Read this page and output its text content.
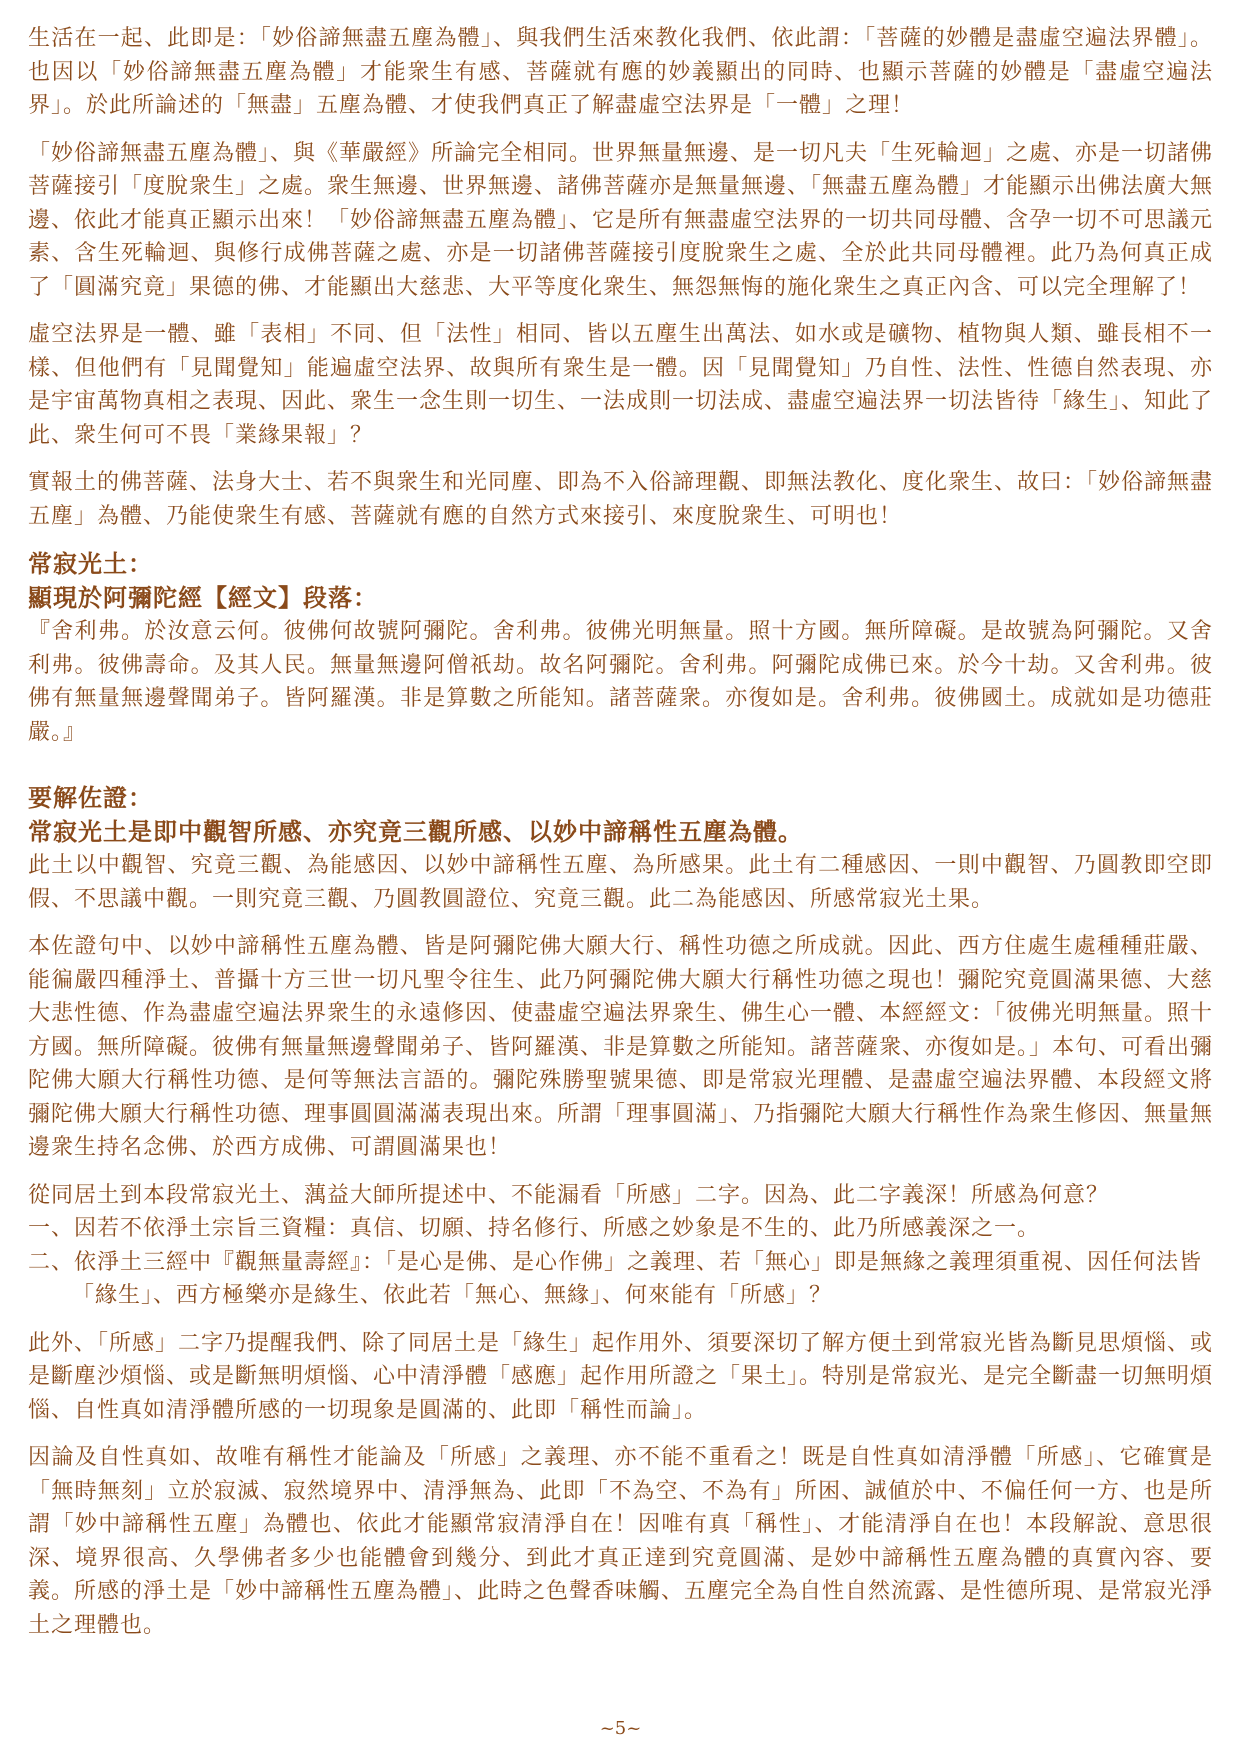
生活在一起、此即是：「妙俗諦無盡五塵為體」、與我們生活來教化我們、依此謂：「菩薩的妙體是盡虛空遍法界體」。也因以「妙俗諦無盡五塵為體」才能衆生有感、菩薩就有應的妙義顯出的同時、也顯示菩薩的妙體是「盡虛空遍法界」。於此所論述的「無盡」五塵為體、才使我們真正了解盡虛空法界是「一體」之理！

「妙俗諦無盡五塵為體」、與《華嚴經》所論完全相同。世界無量無邊、是一切凡夫「生死輪迴」之處、亦是一切諸佛菩薩接引「度脫衆生」之處。衆生無邊、世界無邊、諸佛菩薩亦是無量無邊、「無盡五塵為體」才能顯示出佛法廣大無邊、依此才能真正顯示出來！「妙俗諦無盡五塵為體」、它是所有無盡虛空法界的一切共同母體、含孕一切不可思議元素、含生死輪迴、與修行成佛菩薩之處、亦是一切諸佛菩薩接引度脫衆生之處、全於此共同母體裡。此乃為何真正成了「圓滿究竟」果德的佛、才能顯出大慈悲、大平等度化衆生、無怨無悔的施化衆生之真正內含、可以完全理解了！

虛空法界是一體、雖「表相」不同、但「法性」相同、皆以五塵生出萬法、如水或是礦物、植物與人類、雖長相不一樣、但他們有「見聞覺知」能遍虛空法界、故與所有衆生是一體。因「見聞覺知」乃自性、法性、性德自然表現、亦是宇宙萬物真相之表現、因此、衆生一念生則一切生、一法成則一切法成、盡虛空遍法界一切法皆待「緣生」、知此了此、衆生何可不畏「業緣果報」？

實報土的佛菩薩、法身大士、若不與衆生和光同塵、即為不入俗諦理觀、即無法教化、度化衆生、故曰：「妙俗諦無盡五塵」為體、乃能使衆生有感、菩薩就有應的自然方式來接引、來度脫衆生、可明也！

常寂光土：
顯現於阿彌陀經【經文】段落：

『舍利弗。於汝意云何。彼佛何故號阿彌陀。舍利弗。彼佛光明無量。照十方國。無所障礙。是故號為阿彌陀。又舍利弗。彼佛壽命。及其人民。無量無邊阿僧祇劫。故名阿彌陀。舍利弗。阿彌陀成佛已來。於今十劫。又舍利弗。彼佛有無量無邊聲聞弟子。皆阿羅漢。非是算數之所能知。諸菩薩衆。亦復如是。舍利弗。彼佛國土。成就如是功德莊嚴。』

要解佐證：
常寂光土是即中觀智所感、亦究竟三觀所感、以妙中諦稱性五塵為體。

此土以中觀智、究竟三觀、為能感因、以妙中諦稱性五塵、為所感果。此土有二種感因、一則中觀智、乃圓教即空即假、不思議中觀。一則究竟三觀、乃圓教圓證位、究竟三觀。此二為能感因、所感常寂光土果。

本佐證句中、以妙中諦稱性五塵為體、皆是阿彌陀佛大願大行、稱性功德之所成就。因此、西方住處生處種種莊嚴、能徧嚴四種淨土、普攝十方三世一切凡聖令往生、此乃阿彌陀佛大願大行稱性功德之現也！彌陀究竟圓滿果德、大慈大悲性德、作為盡虛空遍法界衆生的永遠修因、使盡虛空遍法界衆生、佛生心一體、本經經文：「彼佛光明無量。照十方國。無所障礙。彼佛有無量無邊聲聞弟子、皆阿羅漢、非是算數之所能知。諸菩薩衆、亦復如是。」本句、可看出彌陀佛大願大行稱性功德、是何等無法言語的。彌陀殊勝聖號果德、即是常寂光理體、是盡虛空遍法界體、本段經文將彌陀佛大願大行稱性功德、理事圓圓滿滿表現出來。所謂「理事圓滿」、乃指彌陀大願大行稱性作為衆生修因、無量無邊衆生持名念佛、於西方成佛、可謂圓滿果也！

從同居土到本段常寂光土、蕅益大師所提述中、不能漏看「所感」二字。因為、此二字義深！所感為何意？

一、因若不依淨土宗旨三資糧：真信、切願、持名修行、所感之妙象是不生的、此乃所感義深之一。

二、依淨土三經中『觀無量壽經』：「是心是佛、是心作佛」之義理、若「無心」即是無緣之義理須重視、因任何法皆「緣生」、西方極樂亦是緣生、依此若「無心、無緣」、何來能有「所感」？

此外、「所感」二字乃提醒我們、除了同居土是「緣生」起作用外、須要深切了解方便土到常寂光皆為斷見思煩惱、或是斷塵沙煩惱、或是斷無明煩惱、心中清淨體「感應」起作用所證之「果土」。特別是常寂光、是完全斷盡一切無明煩惱、自性真如清淨體所感的一切現象是圓滿的、此即「稱性而論」。

因論及自性真如、故唯有稱性才能論及「所感」之義理、亦不能不重看之！既是自性真如清淨體「所感」、它確實是「無時無刻」立於寂滅、寂然境界中、清淨無為、此即「不為空、不為有」所困、誠値於中、不偏任何一方、也是所謂「妙中諦稱性五塵」為體也、依此才能顯常寂清淨自在！因唯有真「稱性」、才能清淨自在也！本段解說、意思很深、境界很高、久學佛者多少也能體會到幾分、到此才真正達到究竟圓滿、是妙中諦稱性五塵為體的真實內容、要義。所感的淨土是「妙中諦稱性五塵為體」、此時之色聲香味觸、五塵完全為自性自然流露、是性德所現、是常寂光淨土之理體也。

~5~
